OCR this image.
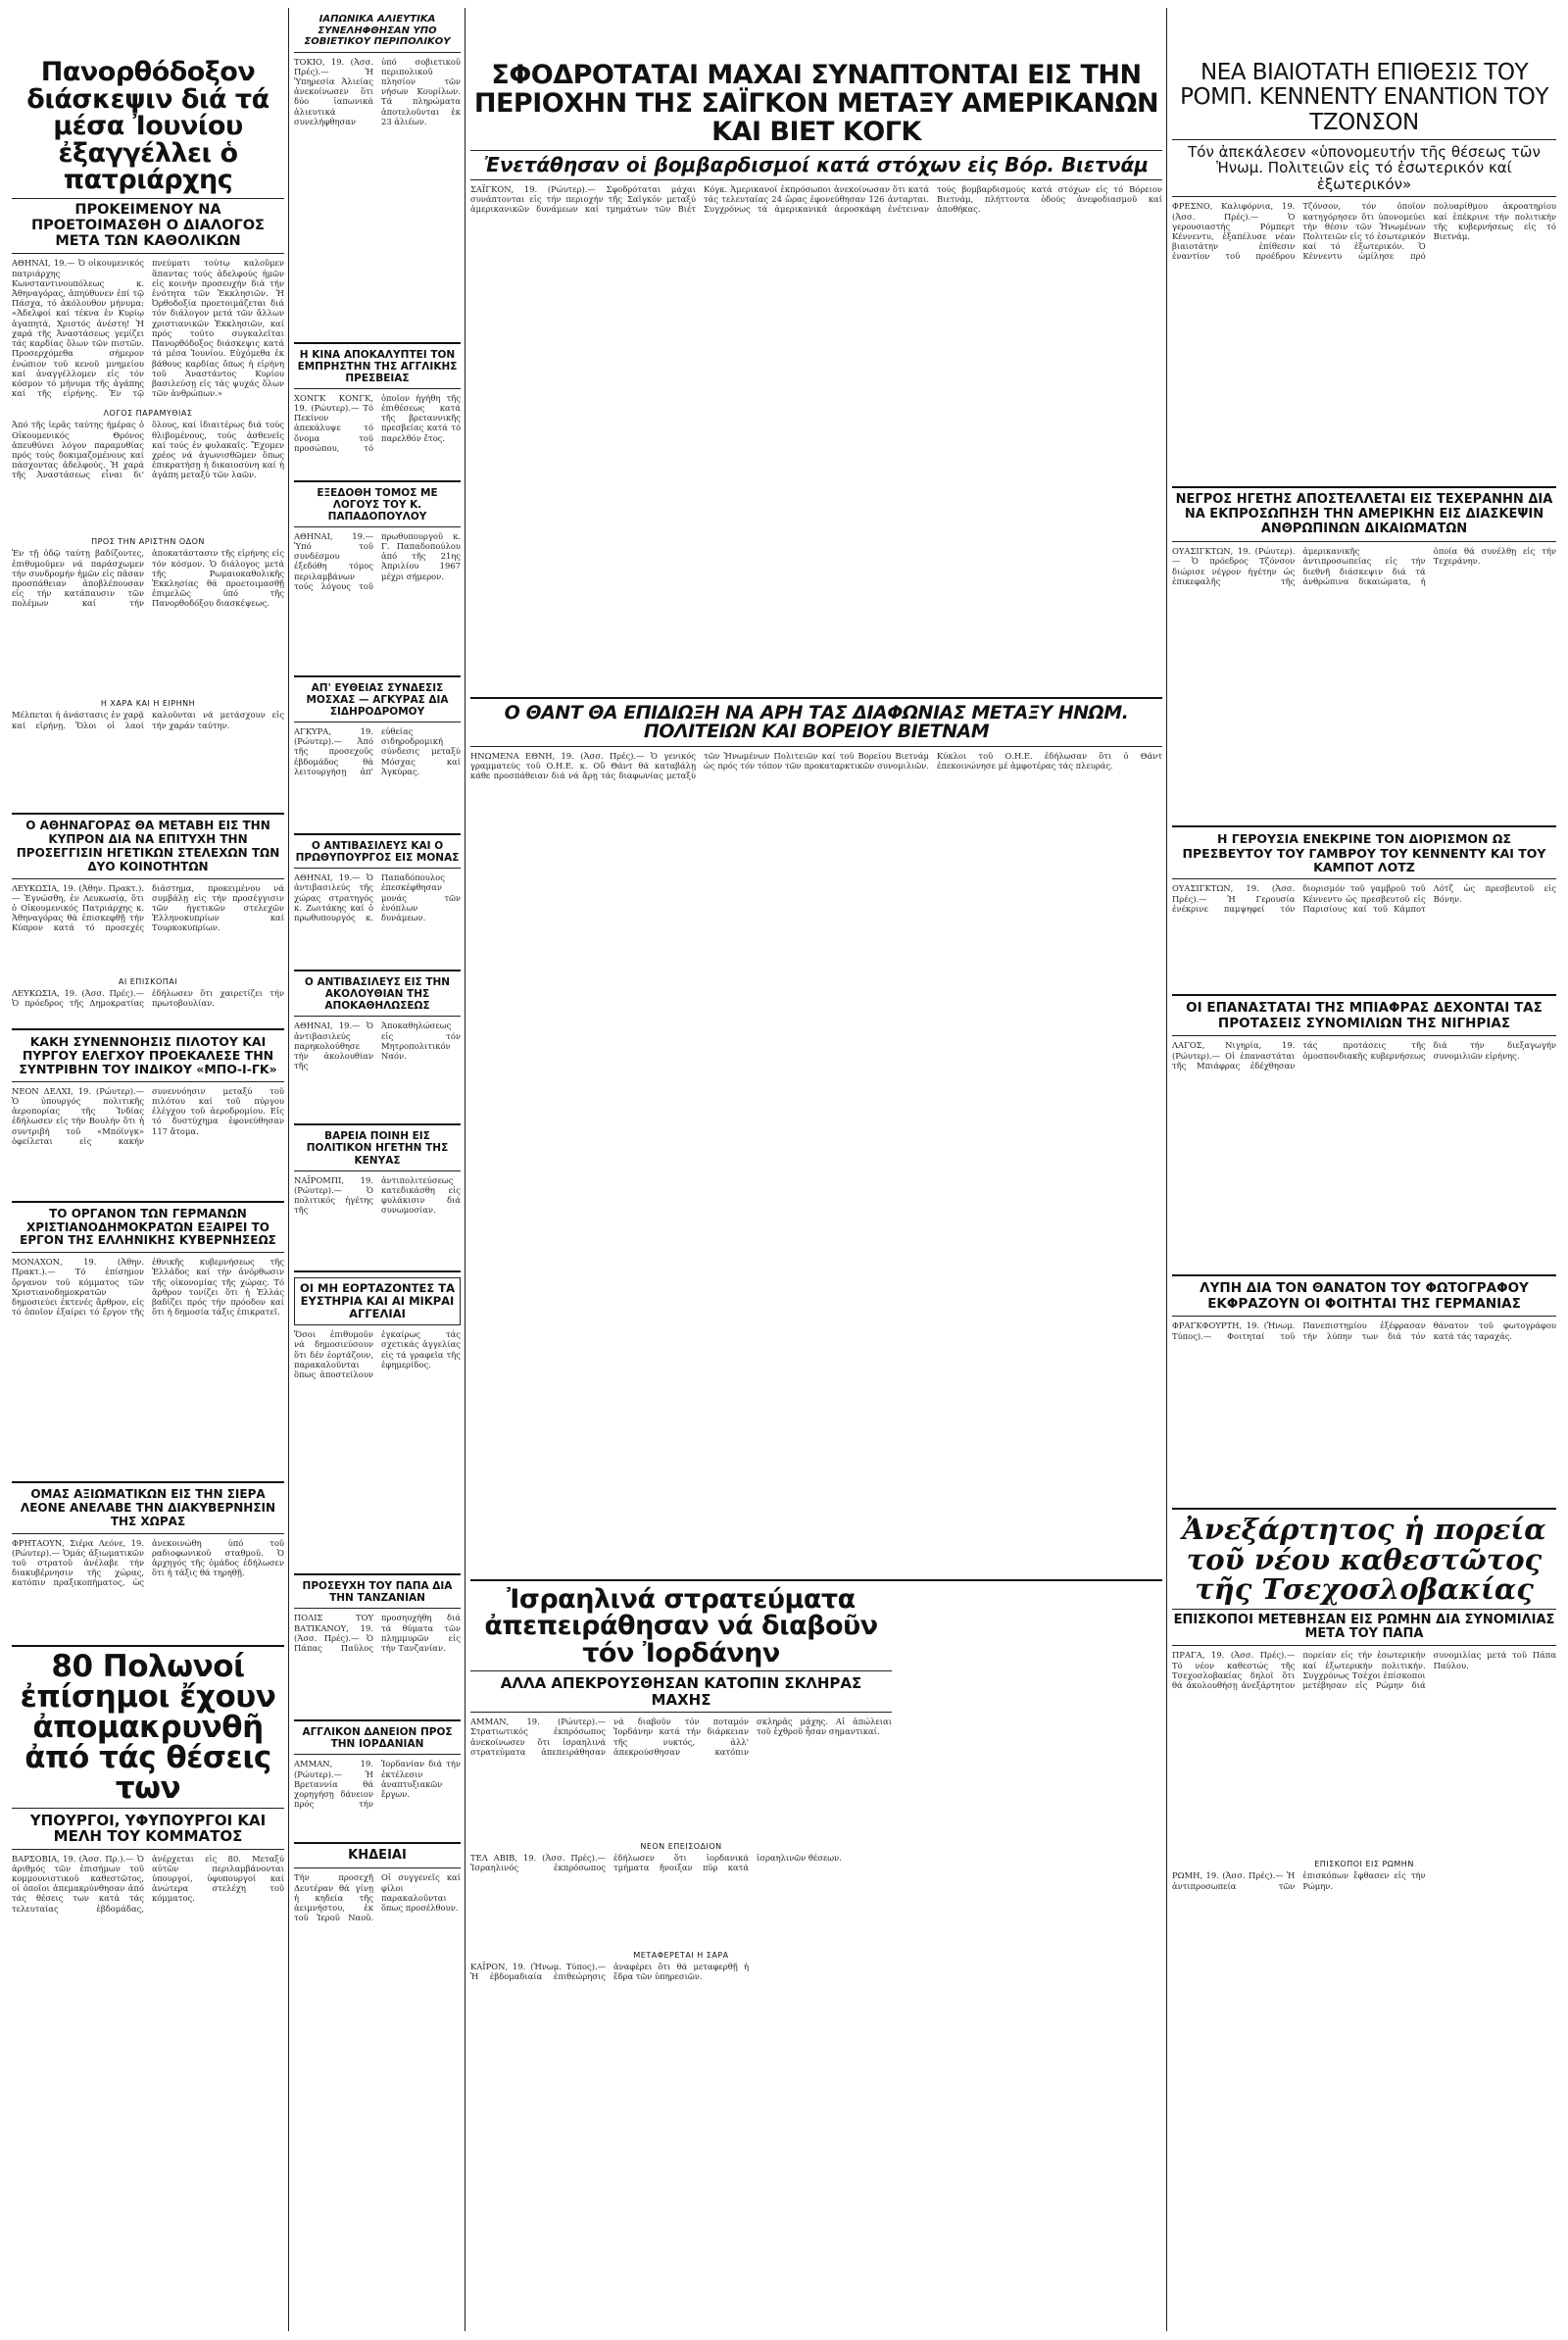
Πανορθόδοξον διάσκεψιν διά τά μέσα Ἰουνίου ἐξαγγέλλει ὁ πατριάρχης
ΠΡΟΚΕΙΜΕΝΟΥ ΝΑ ΠΡΟΕΤΟΙΜΑΣΘΗ Ο ΔΙΑΛΟΓΟΣ ΜΕΤΑ ΤΩΝ ΚΑΘΟΛΙΚΩΝ
ΑΘΗΝΑΙ, 19.— Ὁ οἰκουμενικός πατριάρχης Κωνσταντινουπόλεως κ. Ἀθηναγόρας, ἀπηύθυνεν ἐπί τῷ Πάσχα, τό ἀκόλουθον μήνυμα: «Ἀδελφοί καί τέκνα ἐν Κυρίῳ ἀγαπητά, Χριστός ἀνέστη! Ἡ χαρά τῆς Ἀναστάσεως γεμίζει τάς καρδίας ὅλων τῶν πιστῶν. Προσερχόμεθα σήμερον ἐνώπιον τοῦ κενοῦ μνημείου καί ἀναγγέλλομεν εἰς τόν κόσμον τό μήνυμα τῆς ἀγάπης καί τῆς εἰρήνης. Ἐν τῷ πνεύματι τούτῳ καλοῦμεν ἅπαντας τούς ἀδελφούς ἡμῶν εἰς κοινήν προσευχήν διά τήν ἑνότητα τῶν Ἐκκλησιῶν. Ἡ Ὀρθοδοξία προετοιμάζεται διά τόν διάλογον μετά τῶν ἄλλων χριστιανικῶν Ἐκκλησιῶν, καί πρός τοῦτο συγκαλεῖται Πανορθόδοξος διάσκεψις κατά τά μέσα Ἰουνίου. Εὐχόμεθα ἐκ βάθους καρδίας ὅπως ἡ εἰρήνη τοῦ Ἀναστάντος Κυρίου βασιλεύσῃ εἰς τάς ψυχάς ὅλων τῶν ἀνθρώπων.»
ΛΟΓΟΣ ΠΑΡΑΜΥΘΙΑΣ
Ἀπό τῆς ἱερᾶς ταύτης ἡμέρας ὁ Οἰκουμενικός Θρόνος ἀπευθύνει λόγον παραμυθίας πρός τούς δοκιμαζομένους καί πάσχοντας ἀδελφούς. Ἡ χαρά τῆς Ἀναστάσεως εἶναι δι' ὅλους, καί ἰδιαιτέρως διά τούς θλιβομένους, τούς ἀσθενεῖς καί τούς ἐν φυλακαῖς. Ἔχομεν χρέος νά ἀγωνισθῶμεν ὅπως ἐπικρατήσῃ ἡ δικαιοσύνη καί ἡ ἀγάπη μεταξύ τῶν λαῶν.
ΠΡΟΣ ΤΗΝ ΑΡΙΣΤΗΝ ΟΔΟΝ
Ἐν τῇ ὁδῷ ταύτῃ βαδίζοντες, ἐπιθυμοῦμεν νά παράσχωμεν τήν συνδρομήν ἡμῶν εἰς πᾶσαν προσπάθειαν ἀποβλέπουσαν εἰς τήν κατάπαυσιν τῶν πολέμων καί τήν ἀποκατάστασιν τῆς εἰρήνης εἰς τόν κόσμον. Ὁ διάλογος μετά τῆς Ρωμαιοκαθολικῆς Ἐκκλησίας θά προετοιμασθῇ ἐπιμελῶς ὑπό τῆς Πανορθοδόξου διασκέψεως.
Η ΧΑΡΑ ΚΑΙ Η ΕΙΡΗΝΗ
Μέλπεται ἡ ἀνάστασις ἐν χαρᾷ καί εἰρήνῃ. Ὅλοι οἱ λαοί καλοῦνται νά μετάσχουν εἰς τήν χαράν ταύτην.
Ο ΑΘΗΝΑΓΟΡΑΣ ΘΑ ΜΕΤΑΒΗ ΕΙΣ ΤΗΝ ΚΥΠΡΟΝ ΔΙΑ ΝΑ ΕΠΙΤΥΧΗ ΤΗΝ ΠΡΟΣΕΓΓΙΣΙΝ ΗΓΕΤΙΚΩΝ ΣΤΕΛΕΧΩΝ ΤΩΝ ΔΥΟ ΚΟΙΝΟΤΗΤΩΝ
ΛΕΥΚΩΣΙΑ, 19. (Ἀθην. Πρακτ.).— Ἐγνώσθη, ἐν Λευκωσίᾳ, ὅτι ὁ Οἰκουμενικός Πατριάρχης κ. Ἀθηναγόρας θά ἐπισκεφθῇ τήν Κύπρον κατά τό προσεχές διάστημα, προκειμένου νά συμβάλῃ εἰς τήν προσέγγισιν τῶν ἡγετικῶν στελεχῶν Ἑλληνοκυπρίων καί Τουρκοκυπρίων.
ΑΙ ΕΠΙΣΚΟΠΑΙ
ΛΕΥΚΩΣΙΑ, 19. (Ἀσσ. Πρές).— Ὁ πρόεδρος τῆς Δημοκρατίας ἐδήλωσεν ὅτι χαιρετίζει τήν πρωτοβουλίαν.
ΚΑΚΗ ΣΥΝΕΝΝΟΗΣΙΣ ΠΙΛΟΤΟΥ ΚΑΙ ΠΥΡΓΟΥ ΕΛΕΓΧΟΥ ΠΡΟΕΚΑΛΕΣΕ ΤΗΝ ΣΥΝΤΡΙΒΗΝ ΤΟΥ ΙΝΔΙΚΟΥ «ΜΠΟ-Ι-ΓΚ»
ΝΕΟΝ ΔΕΛΧΙ, 19. (Ρώυτερ).— Ὁ ὑπουργός πολιτικῆς ἀεροπορίας τῆς Ἰνδίας ἐδήλωσεν εἰς τήν Βουλήν ὅτι ἡ συντριβή τοῦ «Μπόϊνγκ» ὀφείλεται εἰς κακήν συνεννόησιν μεταξύ τοῦ πιλότου καί τοῦ πύργου ἐλέγχου τοῦ ἀεροδρομίου. Εἰς τό δυστύχημα ἐφονεύθησαν 117 ἄτομα.
ΤΟ ΟΡΓΑΝΟΝ ΤΩΝ ΓΕΡΜΑΝΩΝ ΧΡΙΣΤΙΑΝΟΔΗΜΟΚΡΑΤΩΝ ΕΞΑΙΡΕΙ ΤΟ ΕΡΓΟΝ ΤΗΣ ΕΛΛΗΝΙΚΗΣ ΚΥΒΕΡΝΗΣΕΩΣ
ΜΟΝΑΧΟΝ, 19. (Ἀθην. Πρακτ.).— Τό ἐπίσημον ὄργανον τοῦ κόμματος τῶν Χριστιανοδημοκρατῶν δημοσιεύει ἐκτενές ἄρθρον, εἰς τό ὁποῖον ἐξαίρει τό ἔργον τῆς ἐθνικῆς κυβερνήσεως τῆς Ἑλλάδος καί τήν ἀνόρθωσιν τῆς οἰκονομίας τῆς χώρας. Τό ἄρθρον τονίζει ὅτι ἡ Ἑλλάς βαδίζει πρός τήν πρόοδον καί ὅτι ἡ δημοσία τάξις ἐπικρατεῖ.
ΟΜΑΣ ΑΞΙΩΜΑΤΙΚΩΝ ΕΙΣ ΤΗΝ ΣΙΕΡΑ ΛΕΟΝΕ ΑΝΕΛΑΒΕ ΤΗΝ ΔΙΑΚΥΒΕΡΝΗΣΙΝ ΤΗΣ ΧΩΡΑΣ
ΦΡΗΤΑΟΥΝ, Σιέρα Λεόνε, 19. (Ρώυτερ).— Ὁμάς ἀξιωματικῶν τοῦ στρατοῦ ἀνέλαβε τήν διακυβέρνησιν τῆς χώρας, κατόπιν πραξικοπήματος, ὡς ἀνεκοινώθη ὑπό τοῦ ραδιοφωνικοῦ σταθμοῦ. Ὁ ἀρχηγός τῆς ὁμάδος ἐδήλωσεν ὅτι ἡ τάξις θά τηρηθῇ.
80 Πολωνοί ἐπίσημοι ἔχουν ἀπομακρυνθῆ ἀπό τάς θέσεις των
ΥΠΟΥΡΓΟΙ, ΥΦΥΠΟΥΡΓΟΙ ΚΑΙ ΜΕΛΗ ΤΟΥ ΚΟΜΜΑΤΟΣ
ΒΑΡΣΟΒΙΑ, 19. (Ἀσσ. Πρ.).— Ὁ ἀριθμός τῶν ἐπισήμων τοῦ κομμουνιστικοῦ καθεστῶτος, οἱ ὁποῖοι ἀπεμακρύνθησαν ἀπό τάς θέσεις των κατά τάς τελευταίας ἑβδομάδας, ἀνέρχεται εἰς 80. Μεταξύ αὐτῶν περιλαμβάνονται ὑπουργοί, ὑφυπουργοί καί ἀνώτερα στελέχη τοῦ κόμματος.
ΙΑΠΩΝΙΚΑ ΑΛΙΕΥΤΙΚΑ ΣΥΝΕΛΗΦΘΗΣΑΝ ΥΠΟ ΣΟΒΙΕΤΙΚΟΥ ΠΕΡΙΠΟΛΙΚΟΥ
ΤΟΚΙΟ, 19. (Ἀσσ. Πρές).— Ἡ Ὑπηρεσία Ἀλιείας ἀνεκοίνωσεν ὅτι δύο ἰαπωνικά ἁλιευτικά συνελήφθησαν ὑπό σοβιετικοῦ περιπολικοῦ πλησίον τῶν νήσων Κουρίλων. Τά πληρώματα ἀποτελοῦνται ἐκ 23 ἀλιέων.
Η ΚΙΝΑ ΑΠΟΚΑΛΥΠΤΕΙ ΤΟΝ ΕΜΠΡΗΣΤΗΝ ΤΗΣ ΑΓΓΛΙΚΗΣ ΠΡΕΣΒΕΙΑΣ
ΧΟΝΓΚ ΚΟΝΓΚ, 19. (Ρώυτερ).— Τό Πεκίνον ἀπεκάλυψε τό ὄνομα τοῦ προσώπου, τό ὁποῖον ἠγήθη τῆς ἐπιθέσεως κατά τῆς βρεταννικῆς πρεσβείας κατά τό παρελθόν ἔτος.
ΕΞΕΔΟΘΗ ΤΟΜΟΣ ΜΕ ΛΟΓΟΥΣ ΤΟΥ Κ. ΠΑΠΑΔΟΠΟΥΛΟΥ
ΑΘΗΝΑΙ, 19.— Ὑπό τοῦ συνδέσμου ἐξεδόθη τόμος περιλαμβάνων τούς λόγους τοῦ πρωθυπουργοῦ κ. Γ. Παπαδοπούλου ἀπό τῆς 21ης Ἀπριλίου 1967 μέχρι σήμερον.
ΑΠ' ΕΥΘΕΙΑΣ ΣΥΝΔΕΣΙΣ ΜΟΣΧΑΣ — ΑΓΚΥΡΑΣ ΔΙΑ ΣΙΔΗΡΟΔΡΟΜΟΥ
ΑΓΚΥΡΑ, 19. (Ρώυτερ).— Ἀπό τῆς προσεχοῦς ἑβδομάδος θά λειτουργήσῃ ἀπ' εὐθείας σιδηροδρομική σύνδεσις μεταξύ Μόσχας καί Ἀγκύρας.
Ο ΑΝΤΙΒΑΣΙΛΕΥΣ ΚΑΙ Ο ΠΡΩΘΥΠΟΥΡΓΟΣ ΕΙΣ ΜΟΝΑΣ
ΑΘΗΝΑΙ, 19.— Ὁ ἀντιβασιλεύς τῆς χώρας στρατηγός κ. Ζωιτάκης καί ὁ πρωθυπουργός κ. Παπαδόπουλος ἐπεσκέφθησαν μονάς τῶν ἐνόπλων δυνάμεων.
Ο ΑΝΤΙΒΑΣΙΛΕΥΣ ΕΙΣ ΤΗΝ ΑΚΟΛΟΥΘΙΑΝ ΤΗΣ ΑΠΟΚΑΘΗΛΩΣΕΩΣ
ΑΘΗΝΑΙ, 19.— Ὁ ἀντιβασιλεύς παρηκολούθησε τήν ἀκολουθίαν τῆς Ἀποκαθηλώσεως εἰς τόν Μητροπολιτικόν Ναόν.
ΒΑΡΕΙΑ ΠΟΙΝΗ ΕΙΣ ΠΟΛΙΤΙΚΟΝ ΗΓΕΤΗΝ ΤΗΣ ΚΕΝΥΑΣ
ΝΑΪΡΟΜΠΙ, 19. (Ρώυτερ).— Ὁ πολιτικός ἡγέτης τῆς ἀντιπολιτεύσεως κατεδικάσθη εἰς φυλάκισιν διά συνωμοσίαν.
ΟΙ ΜΗ ΕΟΡΤΑΖΟΝΤΕΣ ΤΑ ΕΥΣΤΗΡΙΑ ΚΑΙ ΑΙ ΜΙΚΡΑΙ ΑΓΓΕΛΙΑΙ
Ὅσοι ἐπιθυμοῦν νά δημοσιεύσουν ὅτι δέν ἑορτάζουν, παρακαλοῦνται ὅπως ἀποστείλουν ἐγκαίρως τάς σχετικάς ἀγγελίας εἰς τά γραφεῖα τῆς ἐφημερίδος.
ΠΡΟΣΕΥΧΗ ΤΟΥ ΠΑΠΑ ΔΙΑ ΤΗΝ ΤΑΝΖΑΝΙΑΝ
ΠΟΛΙΣ ΤΟΥ ΒΑΤΙΚΑΝΟΥ, 19. (Ἀσσ. Πρές).— Ὁ Πάπας Παῦλος προσηυχήθη διά τά θύματα τῶν πλημμυρῶν εἰς τήν Τανζανίαν.
ΑΓΓΛΙΚΟΝ ΔΑΝΕΙΟΝ ΠΡΟΣ ΤΗΝ ΙΟΡΔΑΝΙΑΝ
ΑΜΜΑΝ, 19. (Ρώυτερ).— Ἡ Βρεταννία θά χορηγήσῃ δάνειον πρός τήν Ἰορδανίαν διά τήν ἐκτέλεσιν ἀναπτυξιακῶν ἔργων.
ΚΗΔΕΙΑΙ
Τήν προσεχῆ Δευτέραν θά γίνῃ ἡ κηδεία τῆς ἀειμνήστου, ἐκ τοῦ Ἱεροῦ Ναοῦ. Οἱ συγγενεῖς καί φίλοι παρακαλοῦνται ὅπως προσέλθουν.
ΣΦΟΔΡΟΤΑΤΑΙ ΜΑΧΑΙ ΣΥΝΑΠΤΟΝΤΑΙ ΕΙΣ ΤΗΝ ΠΕΡΙΟΧΗΝ ΤΗΣ ΣΑΪΓΚΟΝ ΜΕΤΑΞΥ ΑΜΕΡΙΚΑΝΩΝ ΚΑΙ ΒΙΕΤ ΚΟΓΚ
Ἐνετάθησαν οἱ βομβαρδισμοί κατά στόχων εἰς Βόρ. Βιετνάμ
ΣΑΪΓΚΟΝ, 19. (Ρώυτερ).— Σφοδρόταται μάχαι συνάπτονται εἰς τήν περιοχήν τῆς Σαϊγκόν μεταξύ ἀμερικανικῶν δυνάμεων καί τμημάτων τῶν Βιέτ Κόγκ. Ἀμερικανοί ἐκπρόσωποι ἀνεκοίνωσαν ὅτι κατά τάς τελευταίας 24 ὥρας ἐφονεύθησαν 126 ἀνταρται. Συγχρόνως τά ἀμερικανικά ἀεροσκάφη ἐνέτειναν τούς βομβαρδισμούς κατά στόχων εἰς τό Βόρειον Βιετνάμ, πλήττοντα ὁδούς ἀνεφοδιασμοῦ καί ἀποθήκας.
Ο ΘΑΝΤ ΘΑ ΕΠΙΔΙΩΞΗ ΝΑ ΑΡΗ ΤΑΣ ΔΙΑΦΩΝΙΑΣ ΜΕΤΑΞΥ ΗΝΩΜ. ΠΟΛΙΤΕΙΩΝ ΚΑΙ ΒΟΡΕΙΟΥ ΒΙΕΤΝΑΜ
ΗΝΩΜΕΝΑ ΕΘΝΗ, 19. (Ἀσσ. Πρές).— Ὁ γενικός γραμματεύς τοῦ Ο.Η.Ε. κ. Οὔ Θάντ θά καταβάλῃ κάθε προσπάθειαν διά νά ἄρῃ τάς διαφωνίας μεταξύ τῶν Ἡνωμένων Πολιτειῶν καί τοῦ Βορείου Βιετνάμ ὡς πρός τόν τόπον τῶν προκαταρκτικῶν συνομιλιῶν. Κύκλοι τοῦ Ο.Η.Ε. ἐδήλωσαν ὅτι ὁ Θάντ ἐπεκοινώνησε μέ ἀμφοτέρας τάς πλευράς.
Ἰσραηλινά στρατεύματα ἀπεπειράθησαν νά διαβοῦν τόν Ἰορδάνην
ΑΛΛΑ ΑΠΕΚΡΟΥΣΘΗΣΑΝ ΚΑΤΟΠΙΝ ΣΚΛΗΡΑΣ ΜΑΧΗΣ
ΑΜΜΑΝ, 19. (Ρώυτερ).— Στρατιωτικός ἐκπρόσωπος ἀνεκοίνωσεν ὅτι ἰσραηλινά στρατεύματα ἀπεπειράθησαν νά διαβοῦν τόν ποταμόν Ἰορδάνην κατά τήν διάρκειαν τῆς νυκτός, ἀλλ' ἀπεκρούσθησαν κατόπιν σκληρᾶς μάχης. Αἱ ἀπώλειαι τοῦ ἐχθροῦ ἦσαν σημαντικαί.
ΝΕΟΝ ΕΠΕΙΣΟΔΙΟΝ
ΤΕΛ ΑΒΙΒ, 19. (Ἀσσ. Πρές).— Ἰσραηλινός ἐκπρόσωπος ἐδήλωσεν ὅτι ἰορδανικά τμήματα ἤνοιξαν πῦρ κατά ἰσραηλινῶν θέσεων.
ΜΕΤΑΦΕΡΕΤΑΙ Η ΣΑΡΑ
ΚΑΪΡΟΝ, 19. (Ἡνωμ. Τύπος).— Ἡ ἑβδομαδιαία ἐπιθεώρησις ἀναφέρει ὅτι θά μεταφερθῇ ἡ ἕδρα τῶν ὑπηρεσιῶν.
ΝΕΑ ΒΙΑΙΟΤΑΤΗ ΕΠΙΘΕΣΙΣ ΤΟΥ ΡΟΜΠ. ΚΕΝΝΕΝΤΥ ΕΝΑΝΤΙΟΝ ΤΟΥ ΤΖΟΝΣΟΝ
Τόν ἀπεκάλεσεν «ὑπονομευτήν τῆς θέσεως τῶν Ἡνωμ. Πολιτειῶν εἰς τό ἐσωτερικόν καί ἐξωτερικόν»
ΦΡΕΣΝΟ, Καλιφόρνια, 19. (Ἀσσ. Πρές).— Ὁ γερουσιαστής Ρόμπερτ Κέννεντυ, ἐξαπέλυσε νέαν βιαιοτάτην ἐπίθεσιν ἐναντίον τοῦ προέδρου Τζόνσον, τόν ὁποῖον κατηγόρησεν ὅτι ὑπονομεύει τήν θέσιν τῶν Ἡνωμένων Πολιτειῶν εἰς τό ἐσωτερικόν καί τό ἐξωτερικόν. Ὁ Κέννεντυ ὡμίλησε πρό πολυαρίθμου ἀκροατηρίου καί ἐπέκρινε τήν πολιτικήν τῆς κυβερνήσεως εἰς τό Βιετνάμ.
ΝΕΓΡΟΣ ΗΓΕΤΗΣ ΑΠΟΣΤΕΛΛΕΤΑΙ ΕΙΣ ΤΕΧΕΡΑΝΗΝ ΔΙΑ ΝΑ ΕΚΠΡΟΣΩΠΗΣΗ ΤΗΝ ΑΜΕΡΙΚΗΝ ΕΙΣ ΔΙΑΣΚΕΨΙΝ ΑΝΘΡΩΠΙΝΩΝ ΔΙΚΑΙΩΜΑΤΩΝ
ΟΥΑΣΙΓΚΤΩΝ, 19. (Ρώυτερ).— Ὁ πρόεδρος Τζόνσον διώρισε νέγρον ἡγέτην ὡς ἐπικεφαλῆς τῆς ἀμερικανικῆς ἀντιπροσωπείας εἰς τήν διεθνῆ διάσκεψιν διά τά ἀνθρώπινα δικαιώματα, ἡ ὁποία θά συνέλθῃ εἰς τήν Τεχεράνην.
Η ΓΕΡΟΥΣΙΑ ΕΝΕΚΡΙΝΕ ΤΟΝ ΔΙΟΡΙΣΜΟΝ ΩΣ ΠΡΕΣΒΕΥΤΟΥ ΤΟΥ ΓΑΜΒΡΟΥ ΤΟΥ ΚΕΝΝΕΝΤΥ ΚΑΙ ΤΟΥ ΚΑΜΠΟΤ ΛΟΤΖ
ΟΥΑΣΙΓΚΤΩΝ, 19. (Ἀσσ. Πρές).— Ἡ Γερουσία ἐνέκρινε παμψηφεί τόν διορισμόν τοῦ γαμβροῦ τοῦ Κέννεντυ ὡς πρεσβευτοῦ εἰς Παρισίους καί τοῦ Κάμποτ Λότζ ὡς πρεσβευτοῦ εἰς Βόνην.
ΟΙ ΕΠΑΝΑΣΤΑΤΑΙ ΤΗΣ ΜΠΙΑΦΡΑΣ ΔΕΧΟΝΤΑΙ ΤΑΣ ΠΡΟΤΑΣΕΙΣ ΣΥΝΟΜΙΛΙΩΝ ΤΗΣ ΝΙΓΗΡΙΑΣ
ΛΑΓΟΣ, Νιγηρία, 19. (Ρώυτερ).— Οἱ ἐπαναστάται τῆς Μπιάφρας ἐδέχθησαν τάς προτάσεις τῆς ὁμοσπονδιακῆς κυβερνήσεως διά τήν διεξαγωγήν συνομιλιῶν εἰρήνης.
ΛΥΠΗ ΔΙΑ ΤΟΝ ΘΑΝΑΤΟΝ ΤΟΥ ΦΩΤΟΓΡΑΦΟΥ ΕΚΦΡΑΖΟΥΝ ΟΙ ΦΟΙΤΗΤΑΙ ΤΗΣ ΓΕΡΜΑΝΙΑΣ
ΦΡΑΓΚΦΟΥΡΤΗ, 19. (Ἡνωμ. Τύπος).— Φοιτηταί τοῦ Πανεπιστημίου ἐξέφρασαν τήν λύπην των διά τόν θάνατον τοῦ φωτογράφου κατά τάς ταραχάς.
Ἀνεξάρτητος ἡ πορεία τοῦ νέου καθεστῶτος τῆς Τσεχοσλοβακίας
ΕΠΙΣΚΟΠΟΙ ΜΕΤΕΒΗΣΑΝ ΕΙΣ ΡΩΜΗΝ ΔΙΑ ΣΥΝΟΜΙΛΙΑΣ ΜΕΤΑ ΤΟΥ ΠΑΠΑ
ΠΡΑΓΑ, 19. (Ἀσσ. Πρές).— Τό νέον καθεστώς τῆς Τσεχοσλοβακίας δηλοῖ ὅτι θά ἀκολουθήσῃ ἀνεξάρτητον πορείαν εἰς τήν ἐσωτερικήν καί ἐξωτερικήν πολιτικήν. Συγχρόνως Τσέχοι ἐπίσκοποι μετέβησαν εἰς Ρώμην διά συνομιλίας μετά τοῦ Πάπα Παύλου.
ΕΠΙΣΚΟΠΟΙ ΕΙΣ ΡΩΜΗΝ
ΡΩΜΗ, 19. (Ἀσσ. Πρές).— Ἡ ἀντιπροσωπεία τῶν ἐπισκόπων ἔφθασεν εἰς τήν Ρώμην.
